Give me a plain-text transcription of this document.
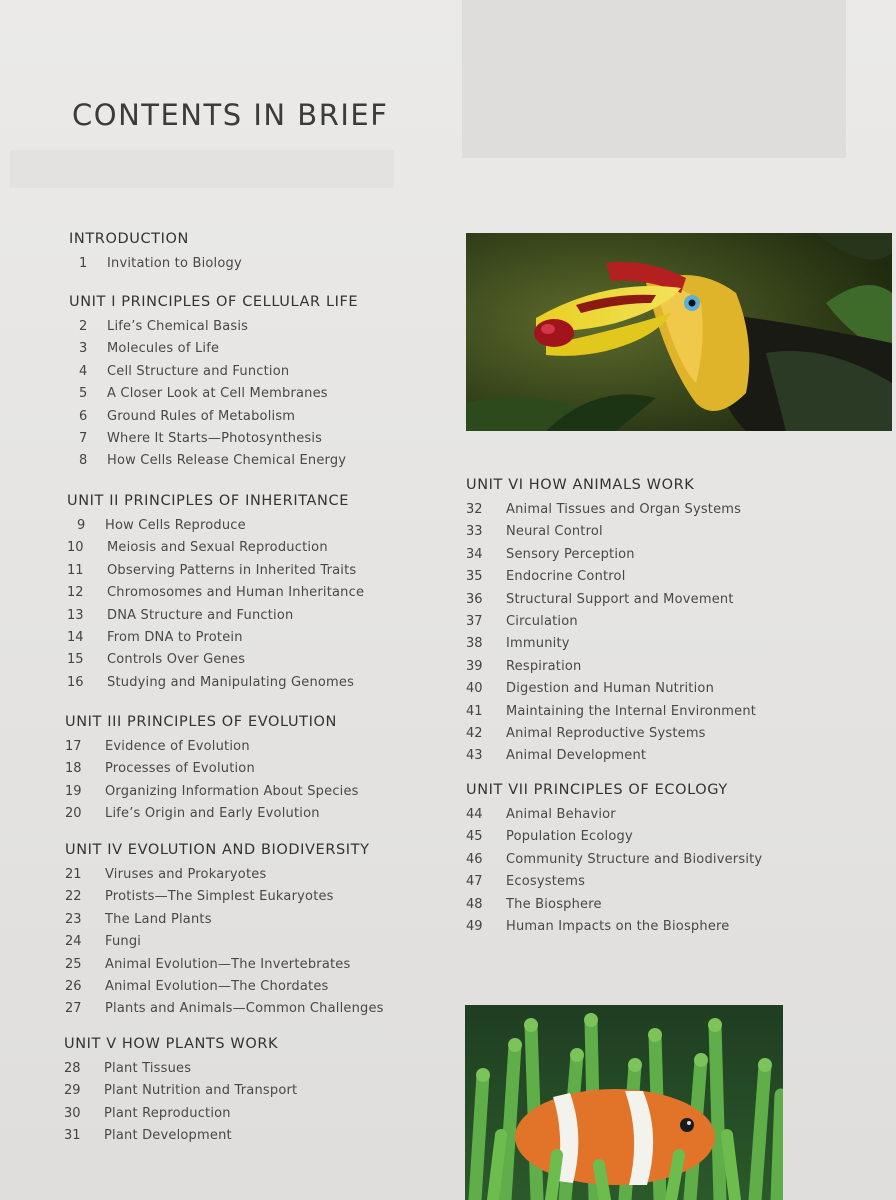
CONTENTS IN BRIEF
INTRODUCTION
1	Invitation to Biology
UNIT I PRINCIPLES OF CELLULAR LIFE
2	Life’s Chemical Basis
3	Molecules of Life
4	Cell Structure and Function
5	A Closer Look at Cell Membranes
6	Ground Rules of Metabolism
7	Where It Starts—Photosynthesis
8	How Cells Release Chemical Energy
UNIT II PRINCIPLES OF INHERITANCE
9	How Cells Reproduce
10	Meiosis and Sexual Reproduction
11	Observing Patterns in Inherited Traits
12	Chromosomes and Human Inheritance
13	DNA Structure and Function
14	From DNA to Protein
15	Controls Over Genes
16	Studying and Manipulating Genomes
UNIT III PRINCIPLES OF EVOLUTION
17	Evidence of Evolution
18	Processes of Evolution
19	Organizing Information About Species
20	Life’s Origin and Early Evolution
UNIT IV EVOLUTION AND BIODIVERSITY
21	Viruses and Prokaryotes
22	Protists—The Simplest Eukaryotes
23	The Land Plants
24	Fungi
25	Animal Evolution—The Invertebrates
26	Animal Evolution—The Chordates
27	Plants and Animals—Common Challenges
UNIT V HOW PLANTS WORK
28	Plant Tissues
29	Plant Nutrition and Transport
30	Plant Reproduction
31	Plant Development
UNIT VI HOW ANIMALS WORK
32	Animal Tissues and Organ Systems
33	Neural Control
34	Sensory Perception
35	Endocrine Control
36	Structural Support and Movement
37	Circulation
38	Immunity
39	Respiration
40	Digestion and Human Nutrition
41	Maintaining the Internal Environment
42	Animal Reproductive Systems
43	Animal Development
UNIT VII PRINCIPLES OF ECOLOGY
44	Animal Behavior
45	Population Ecology
46	Community Structure and Biodiversity
47	Ecosystems
48	The Biosphere
49	Human Impacts on the Biosphere
